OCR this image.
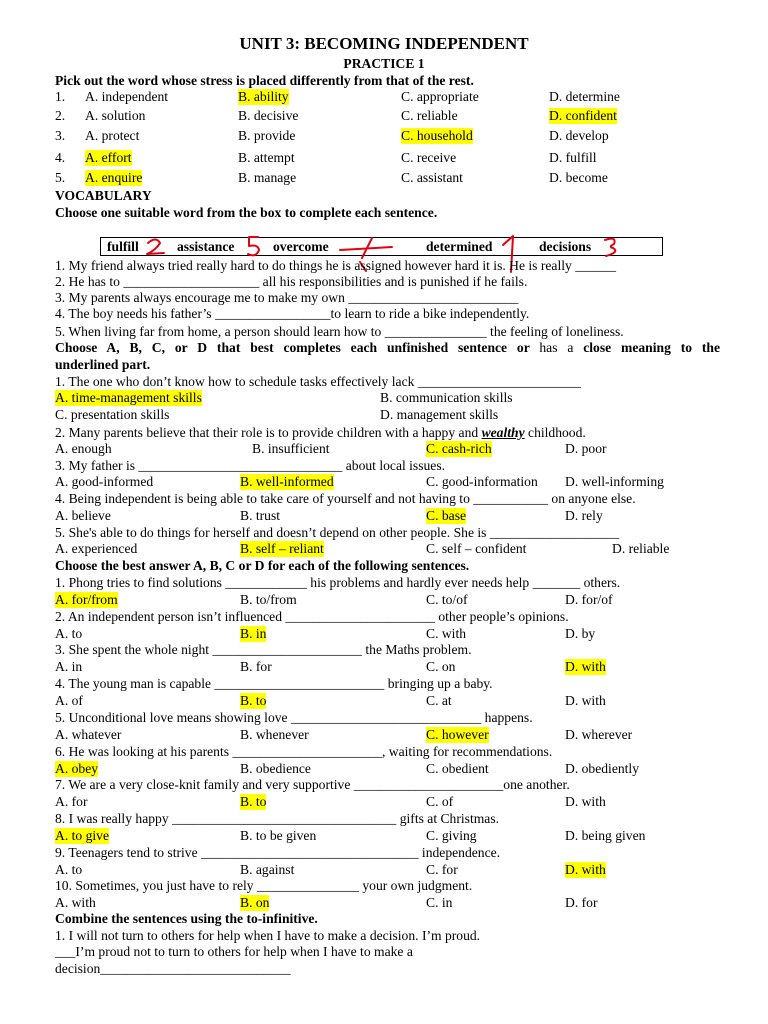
UNIT 3: BECOMING INDEPENDENT
PRACTICE 1
Pick out the word whose stress is placed differently from that of the rest.
1. A. independent	B. ability	C. appropriate	D. determine
2. A. solution	B. decisive	C. reliable	D. confident
3. A. protect	B. provide	C. household	D. develop
4. A. effort	B. attempt	C. receive	D. fulfill
5. A. enquire	B. manage	C. assistant	D. become
VOCABULARY
Choose one suitable word from the box to complete each sentence.
fulfill	assistance	overcome	determined	decisions
1. My friend always tried really hard to do things he is assigned however hard it is. He is really ______
2. He has to ____________________ all his responsibilities and is punished if he fails.
3. My parents always encourage me to make my own _________________________
4. The boy needs his father’s _________________to learn to ride a bike independently.
5. When living far from home, a person should learn how to _______________ the feeling of loneliness.
Choose A, B, C, or D that best completes each unfinished sentence or has a close meaning to the
underlined part.
1. The one who don’t know how to schedule tasks effectively lack ________________________
A. time-management skills	B. communication skills
C. presentation skills	D. management skills
2. Many parents believe that their role is to provide children with a happy and wealthy childhood.
A. enough	B. insufficient	C. cash-rich	D. poor
3. My father is ______________________________ about local issues.
A. good-informed	B. well-informed	C. good-information D. well-informing
4. Being independent is being able to take care of yourself and not having to ___________ on anyone else.
A. believe	B. trust	C. base	D. rely
5. She's able to do things for herself and doesn’t depend on other people. She is ___________________
A. experienced	B. self – reliant	C. self – confident	D. reliable
Choose the best answer A, B, C or D for each of the following sentences.
1. Phong tries to find solutions ____________ his problems and hardly ever needs help _______ others.
A. for/from	B. to/from	C. to/of	D. for/of
2. An independent person isn’t influenced ______________________ other people’s opinions.
A. to	B. in	C. with	D. by
3. She spent the whole night ______________________ the Maths problem.
A. in	B. for	C. on	D. with
4. The young man is capable _________________________ bringing up a baby.
A. of	B. to	C. at	D. with
5. Unconditional love means showing love ____________________________ happens.
A. whatever	B. whenever	C. however	D. wherever
6. He was looking at his parents ______________________, waiting for recommendations.
A. obey	B. obedience	C. obedient	D. obediently
7. We are a very close-knit family and very supportive ______________________one another.
A. for	B. to	C. of	D. with
8. I was really happy _________________________________ gifts at Christmas.
A. to give	B. to be given	C. giving	D. being given
9. Teenagers tend to strive ________________________________ independence.
A. to	B. against	C. for	D. with
10. Sometimes, you just have to rely _______________ your own judgment.
A. with	B. on	C. in	D. for
Combine the sentences using the to-infinitive.
1. I will not turn to others for help when I have to make a decision. I’m proud.
___I’m proud not to turn to others for help when I have to make a
decision____________________________
